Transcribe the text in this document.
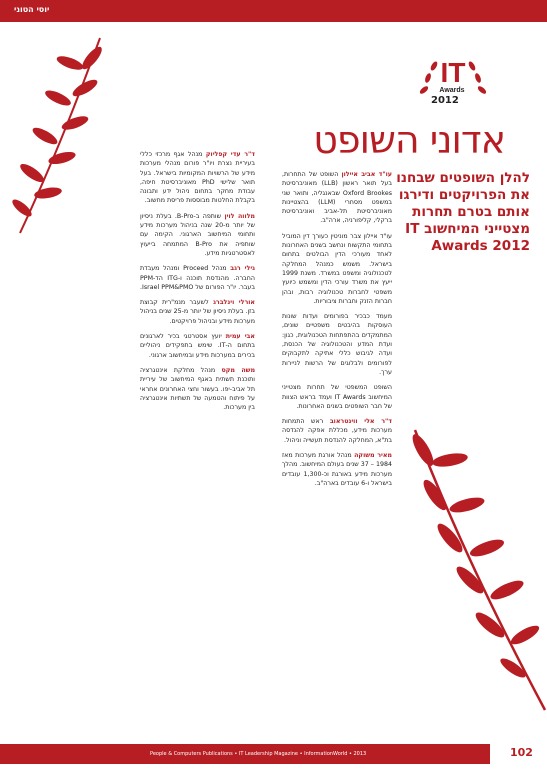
יוסי הטוני
IT
Awards
2012
אדוני השופט
להלן השופטים שבחנו את הפרויקטים ודירגו אותם בטרם תחרות מצטייני המיחשוב IT Awards 2012

עו"ד אביב איילון השופט של התחרות, בעל תואר ראשון (LLB) מאוניברסיטת Oxford Brookes שבאנגליה, ותואר שני במשפט מסחרי (LLM) בהצטיינות מאוניברסיטת תל-אביב ואוניברסיטת ברקלי, קליפורניה, ארה"ב.

עו"ד איילון צבר מוניטין כעורך דין המוביל בתחומי התקשוח ונחשב בשנים האחרונות לאחד מעורכי הדין הבולטים בתחום בישראל. משמש כמנהל המחלקה לטכנולוגיה ומשפט במשרד. משנת 1999 ייעץ את משרד עורכי הדין ומשמש כיועץ משפטי לחברות טכנולוגיה רבות, ובהן חברות הזנק וחברות ציבוריות.

מעמד כבכיר בפורומים ועדות שונות העוסקות בהיבטים משפטיים שונים, המתמקדים בהתפתחות הטכנולוגית, כגון: ועדת המדע והטכנולוגיה של הכנסת, ועדה לגיבוש כללי אתיקה לתקבוקים לפורומים ולבלוגים של הרשות לניירות ערך.

השופט המשפטי של תחרות מצטייני המיחשוב IT Awards ועמד בראש הצוות של חבר השופטים בשנים האחרונות.

ד"ר אלי ווינטראוב ראש התמחות מערכות מידע, מכללת אפקה להנדסה בת"א, המחלקה להנדסת תעשייה וניהול.

מאיר משוקה מנהל אורגת מערכות מאז 1984 – 37 שנים בעולם המיחשוב. מהלך מערכות מידע באורגת וכ-1,300 עובדים בישראל ו-6 עובדים בארה"ב.

ד"ר עדי קפליוק מנהל אגף מרכזי כללי בעיריית נצרת ויו"ר פורום מנהלי מערכות מידע של הרשויות המקומיות בישראל. בעל תואר שלישי PhD מאוניברסיטת חיפה, עבודת מחקר בתחום ניהול ידע ותבונה בקבלת החלטות מבוססות פריסת מחשוב.

מלווה לוין שותפה ב-B-Pro. בעלת ניסיון של יותר מ-20 שנה בניהול מערכות מידע ותחומי המיחשוב הארגוני. הקימה עם שותפיה את B-Pro המתמחה בייעוץ לאסטרטגיות מידע.

גילי רגב מנהל Proceed ומנהל מעבדת החברה. מהנדסת תוכנה ו-ITG הד-PPM בעבר. יו"ר הפורום של Israel PPM&PMO.

אורלי וינלברג לשעבר מנמ"רית קבוצת בזן. בעלת ניסיון של יותר מ-25 שנים בניהול מערכות מידע ובניהול פרויקטים.

אבי עמית יועץ אסטרטגי בכיר לארגונים בתחום ה-IT. שימש בתפקידים ניהוליים בכירים במערכות מידע ובמיחשוב ארגוני.

משה מקס מנהל מחלקת אינטגרציה ותוכנת תשתית באגף המיחשוב של עיריית תל אביב-יפו. בעשור וחצי האחרונים אחראי על פיתוח והטמעה של תשתיות אינטגרציה בין מערכות.

People & Computers Publications • IT Leadership Magazine • InformationWorld • 2013	102
